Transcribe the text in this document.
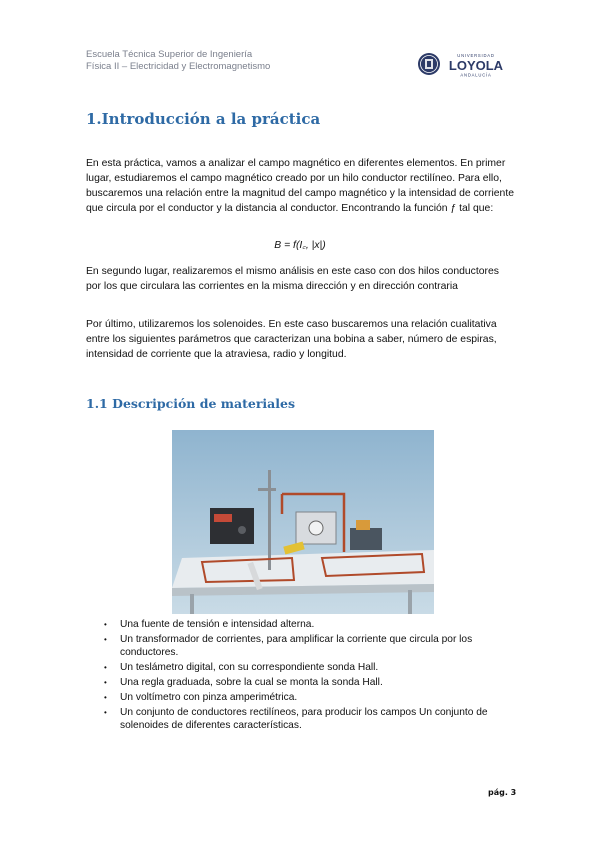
Escuela Técnica Superior de Ingeniería
Física II – Electricidad y Electromagnetismo
UNIVERSIDAD
LOYOLA
ANDALUCÍA
1.Introducción a la práctica
En esta práctica, vamos a analizar el campo magnético en diferentes elementos. En primer lugar, estudiaremos el campo magnético creado por un hilo conductor rectilíneo. Para ello, buscaremos una relación entre la magnitud del campo magnético y la intensidad de corriente que circula por el conductor y la distancia al conductor. Encontrando la función ƒ tal que:
B = f(I꜀, |x|)
En segundo lugar, realizaremos el mismo análisis en este caso con dos hilos conductores por los que circulara las corrientes en la misma dirección y en dirección contraria
Por último, utilizaremos los solenoides. En este caso buscaremos una relación cualitativa entre los siguientes parámetros que caracterizan una bobina a saber, número de espiras, intensidad de corriente que la atraviesa, radio y longitud.
1.1 Descripción de materiales
• Una fuente de tensión e intensidad alterna.
• Un transformador de corrientes, para amplificar la corriente que circula por los conductores.
• Un teslámetro digital, con su correspondiente sonda Hall.
• Una regla graduada, sobre la cual se monta la sonda Hall.
• Un voltímetro con pinza amperimétrica.
• Un conjunto de conductores rectilíneos, para producir los campos Un conjunto de solenoides de diferentes características.
pág. 3
